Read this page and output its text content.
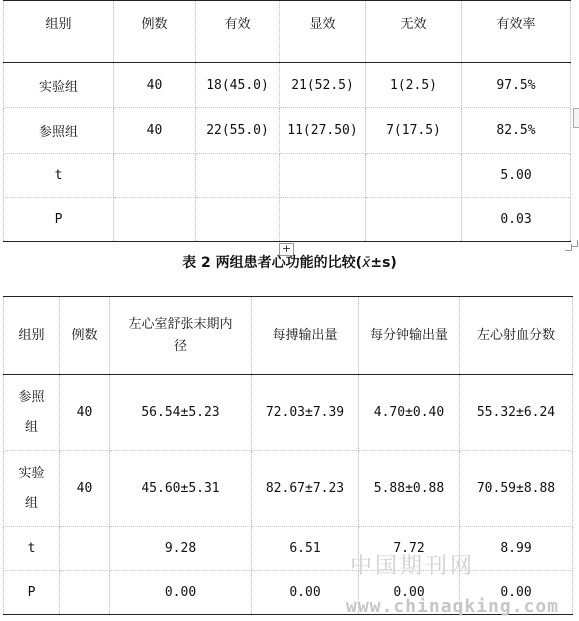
组别	例数	有效	显效	无效	有效率
实验组	40	18(45.0)	21(52.5)	1(2.5)	97.5%
参照组	40	22(55.0)	11(27.50)	7(17.5)	82.5%
t					5.00
P					0.03
+
表 2 两组患者心功能的比较(x̄±s)
组别	例数	左心室舒张末期内径	每搏输出量	每分钟输出量	左心射血分数
参照组	40	56.54±5.23	72.03±7.39	4.70±0.40	55.32±6.24
实验组	40	45.60±5.31	82.67±7.23	5.88±0.88	70.59±8.88
t		9.28	6.51	7.72	8.99
P		0.00	0.00	0.00	0.00
中国期刊网
www.chinaqking.com
